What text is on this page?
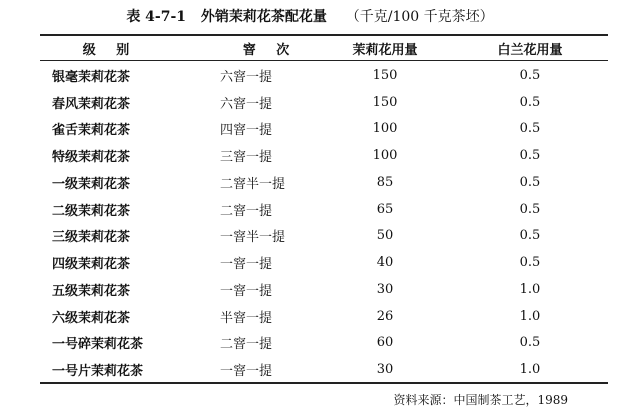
表 4-7-1 外销茉莉花茶配花量 （千克/100 千克茶坯）
级 别	窨 次	茉莉花用量	白兰花用量
银毫茉莉花茶	六窨一提	150	0.5
春风茉莉花茶	六窨一提	150	0.5
雀舌茉莉花茶	四窨一提	100	0.5
特级茉莉花茶	三窨一提	100	0.5
一级茉莉花茶	二窨半一提	85	0.5
二级茉莉花茶	二窨一提	65	0.5
三级茉莉花茶	一窨半一提	50	0.5
四级茉莉花茶	一窨一提	40	0.5
五级茉莉花茶	一窨一提	30	1.0
六级茉莉花茶	半窨一提	26	1.0
一号碎茉莉花茶	二窨一提	60	0.5
一号片茉莉花茶	一窨一提	30	1.0
资料来源：中国制茶工艺，1989
